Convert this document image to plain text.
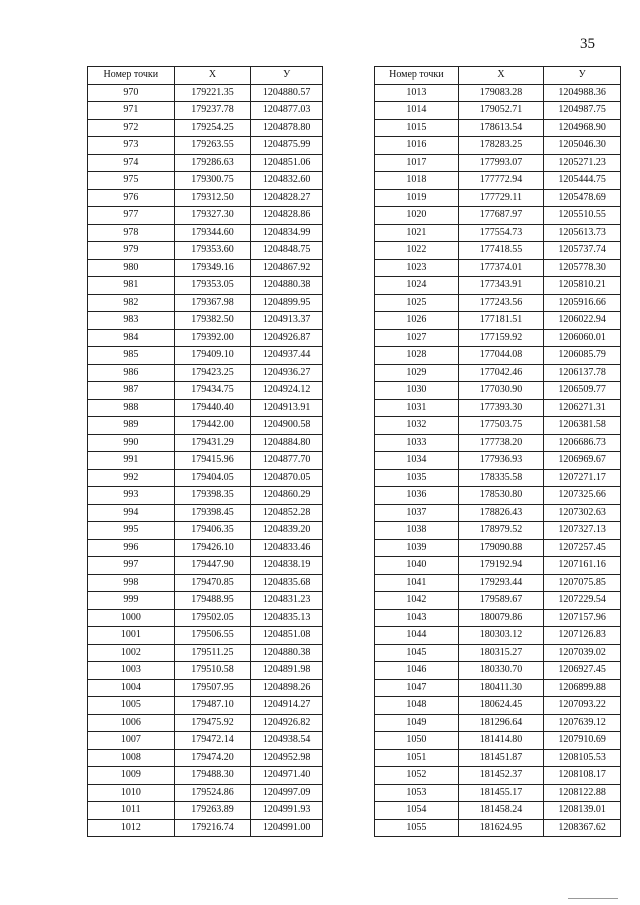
35
Номер точки	Х	У
970	179221.35	1204880.57
971	179237.78	1204877.03
972	179254.25	1204878.80
973	179263.55	1204875.99
974	179286.63	1204851.06
975	179300.75	1204832.60
976	179312.50	1204828.27
977	179327.30	1204828.86
978	179344.60	1204834.99
979	179353.60	1204848.75
980	179349.16	1204867.92
981	179353.05	1204880.38
982	179367.98	1204899.95
983	179382.50	1204913.37
984	179392.00	1204926.87
985	179409.10	1204937.44
986	179423.25	1204936.27
987	179434.75	1204924.12
988	179440.40	1204913.91
989	179442.00	1204900.58
990	179431.29	1204884.80
991	179415.96	1204877.70
992	179404.05	1204870.05
993	179398.35	1204860.29
994	179398.45	1204852.28
995	179406.35	1204839.20
996	179426.10	1204833.46
997	179447.90	1204838.19
998	179470.85	1204835.68
999	179488.95	1204831.23
1000	179502.05	1204835.13
1001	179506.55	1204851.08
1002	179511.25	1204880.38
1003	179510.58	1204891.98
1004	179507.95	1204898.26
1005	179487.10	1204914.27
1006	179475.92	1204926.82
1007	179472.14	1204938.54
1008	179474.20	1204952.98
1009	179488.30	1204971.40
1010	179524.86	1204997.09
1011	179263.89	1204991.93
1012	179216.74	1204991.00
Номер точки	Х	У
1013	179083.28	1204988.36
1014	179052.71	1204987.75
1015	178613.54	1204968.90
1016	178283.25	1205046.30
1017	177993.07	1205271.23
1018	177772.94	1205444.75
1019	177729.11	1205478.69
1020	177687.97	1205510.55
1021	177554.73	1205613.73
1022	177418.55	1205737.74
1023	177374.01	1205778.30
1024	177343.91	1205810.21
1025	177243.56	1205916.66
1026	177181.51	1206022.94
1027	177159.92	1206060.01
1028	177044.08	1206085.79
1029	177042.46	1206137.78
1030	177030.90	1206509.77
1031	177393.30	1206271.31
1032	177503.75	1206381.58
1033	177738.20	1206686.73
1034	177936.93	1206969.67
1035	178335.58	1207271.17
1036	178530.80	1207325.66
1037	178826.43	1207302.63
1038	178979.52	1207327.13
1039	179090.88	1207257.45
1040	179192.94	1207161.16
1041	179293.44	1207075.85
1042	179589.67	1207229.54
1043	180079.86	1207157.96
1044	180303.12	1207126.83
1045	180315.27	1207039.02
1046	180330.70	1206927.45
1047	180411.30	1206899.88
1048	180624.45	1207093.22
1049	181296.64	1207639.12
1050	181414.80	1207910.69
1051	181451.87	1208105.53
1052	181452.37	1208108.17
1053	181455.17	1208122.88
1054	181458.24	1208139.01
1055	181624.95	1208367.62
